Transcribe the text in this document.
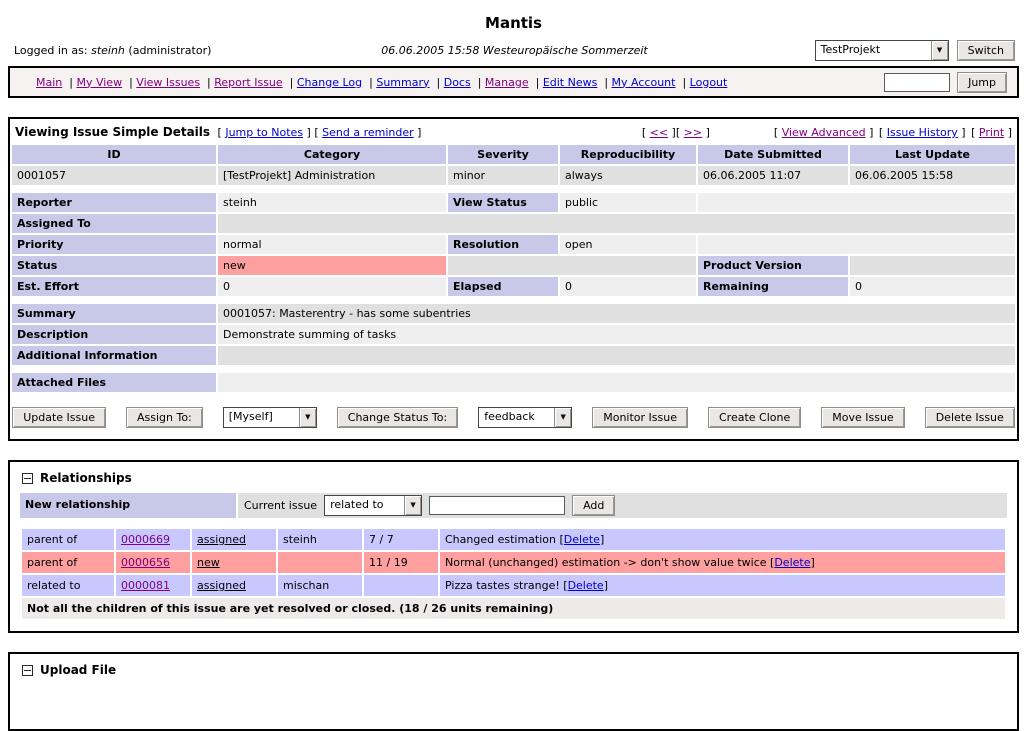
Mantis
Logged in as: steinh (administrator)	06.06.2005 15:58 Westeuropäische Sommerzeit	TestProjekt ▼	Switch
Main | My View | View Issues | Report Issue | Change Log | Summary | Docs | Manage | Edit News | My Account | Logout	Jump
Viewing Issue Simple Details [ Jump to Notes ] [ Send a reminder ] [ << ] [ >> ] [ View Advanced ] [ Issue History ] [ Print ]

ID	Category	Severity	Reproducibility	Date Submitted	Last Update
0001057	[TestProjekt] Administration	minor	always	06.06.2005 11:07	06.06.2005 15:58

Reporter	steinh	View Status	public		
Assigned To					
Priority	normal	Resolution	open		
Status	new			Product Version	
Est. Effort	0	Elapsed	0	Remaining	0

Summary	0001057: Masterentry - has some subentries				
Description	Demonstrate summing of tasks				
Additional Information					

Attached Files					

Update Issue	Assign To:	[Myself] ▼	Change Status To:	feedback ▼	Monitor Issue	Create Clone	Move Issue	Delete Issue
Relationships
New relationship	Current issue	related to ▼	Add
parent of	0000669	assigned	steinh	7 / 7	Changed estimation [ Delete ]
parent of	0000656	new		11 / 19	Normal (unchanged) estimation -> don't show value twice [ Delete ]
related to	0000081	assigned	mischan		Pizza tastes strange! [ Delete ]
Not all the children of this issue are yet resolved or closed. (18 / 26 units remaining)					
Upload File
